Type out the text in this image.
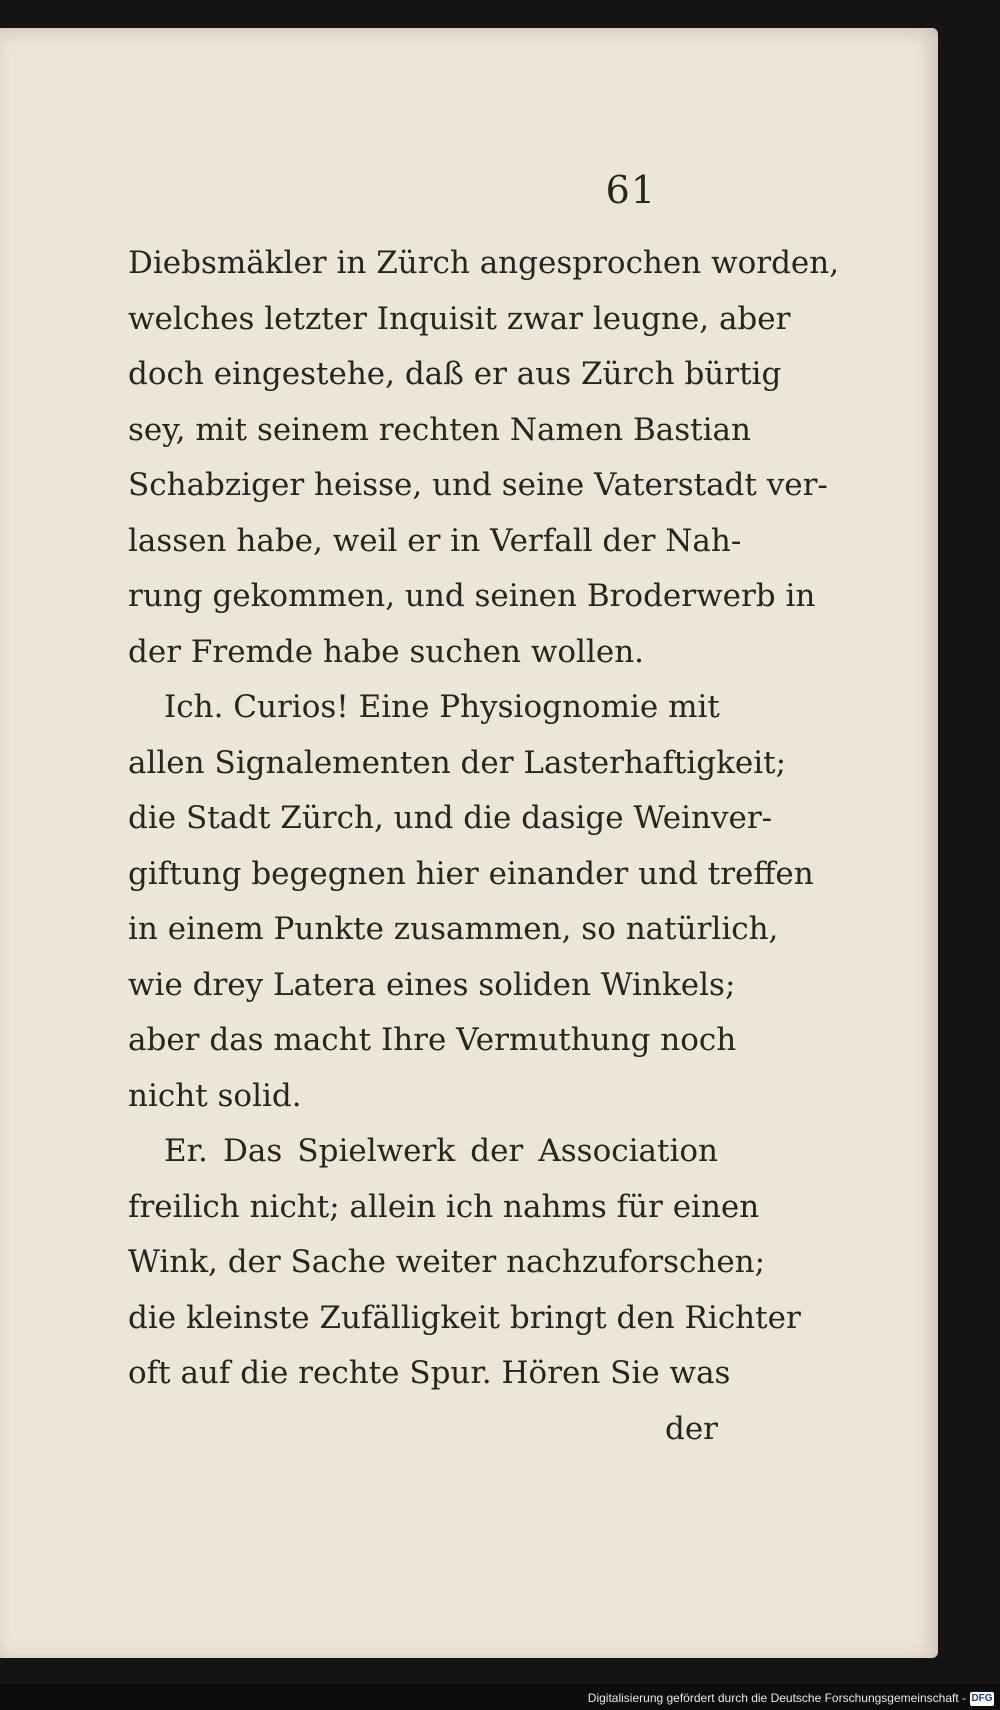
61
Diebsmäkler in Zürch angesprochen worden,
welches letzter Inquisit zwar leugne, aber
doch eingestehe, daß er aus Zürch bürtig
sey, mit seinem rechten Namen Bastian
Schabziger heisse, und seine Vaterstadt ver-
lassen habe, weil er in Verfall der Nah-
rung gekommen, und seinen Broderwerb in
der Fremde habe suchen wollen.
Ich. Curios! Eine Physiognomie mit
allen Signalementen der Lasterhaftigkeit;
die Stadt Zürch, und die dasige Weinver-
giftung begegnen hier einander und treffen
in einem Punkte zusammen, so natürlich,
wie drey Latera eines soliden Winkels;
aber das macht Ihre Vermuthung noch
nicht solid.
Er. Das Spielwerk der Association
freilich nicht; allein ich nahms für einen
Wink, der Sache weiter nachzuforschen;
die kleinste Zufälligkeit bringt den Richter
oft auf die rechte Spur. Hören Sie was
der
Digitalisierung gefördert durch die Deutsche Forschungsgemeinschaft - DFG
